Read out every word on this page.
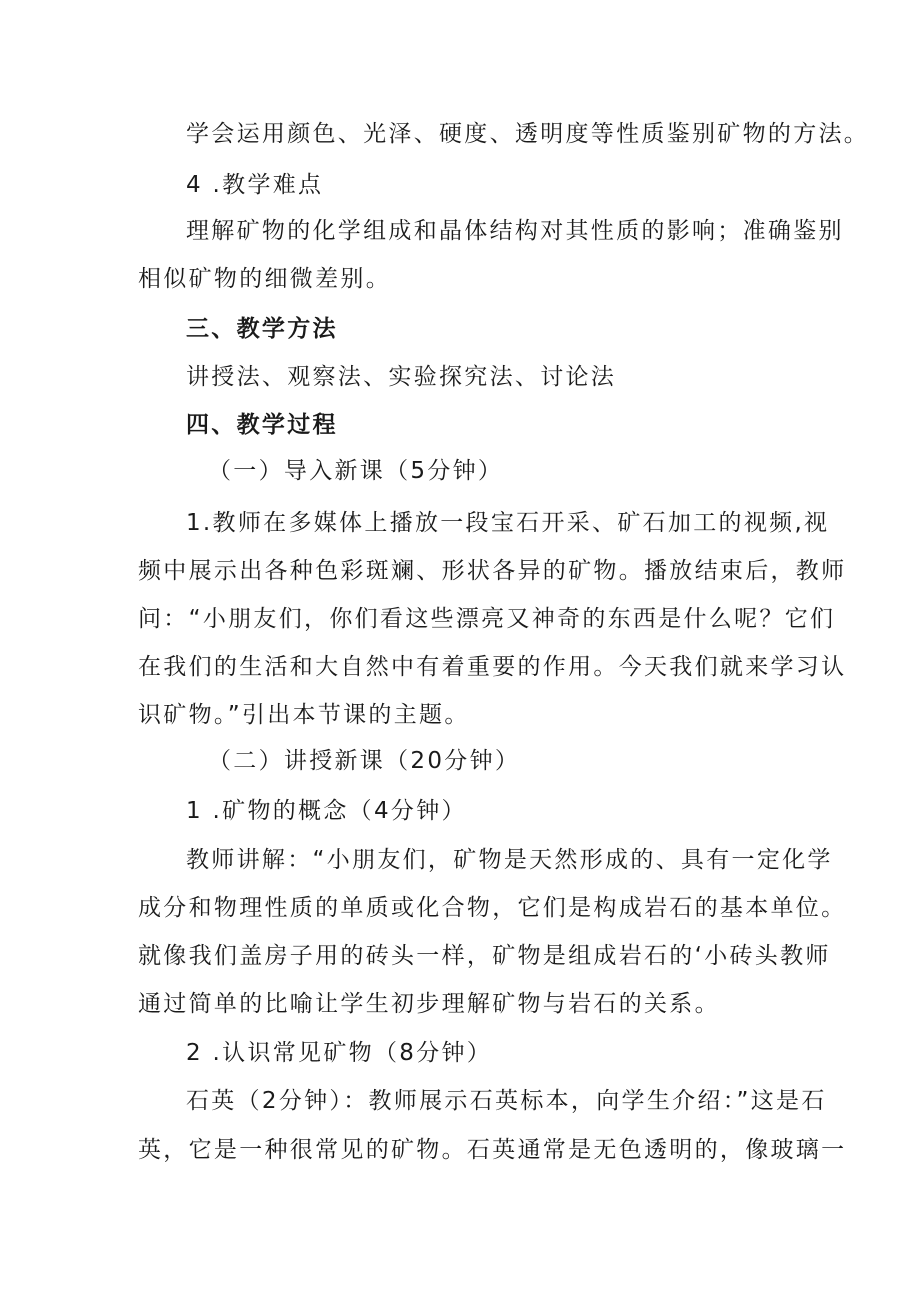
学会运用颜色、光泽、硬度、透明度等性质鉴别矿物的方法。
4 .教学难点
理解矿物的化学组成和晶体结构对其性质的影响；准确鉴别
相似矿物的细微差别。
三、教学方法
讲授法、观察法、实验探究法、讨论法
四、教学过程
（一）导入新课（5分钟）
1.教师在多媒体上播放一段宝石开采、矿石加工的视频,视
频中展示出各种色彩斑斓、形状各异的矿物。播放结束后，教师
问：“小朋友们，你们看这些漂亮又神奇的东西是什么呢？它们
在我们的生活和大自然中有着重要的作用。今天我们就来学习认
识矿物。”引出本节课的主题。
（二）讲授新课（20分钟）
1 .矿物的概念（4分钟）
教师讲解：“小朋友们，矿物是天然形成的、具有一定化学
成分和物理性质的单质或化合物，它们是构成岩石的基本单位。
就像我们盖房子用的砖头一样，矿物是组成岩石的‘小砖头教师
通过简单的比喻让学生初步理解矿物与岩石的关系。
2 .认识常见矿物（8分钟）
石英（2分钟）：教师展示石英标本，向学生介绍：”这是石
英，它是一种很常见的矿物。石英通常是无色透明的，像玻璃一
